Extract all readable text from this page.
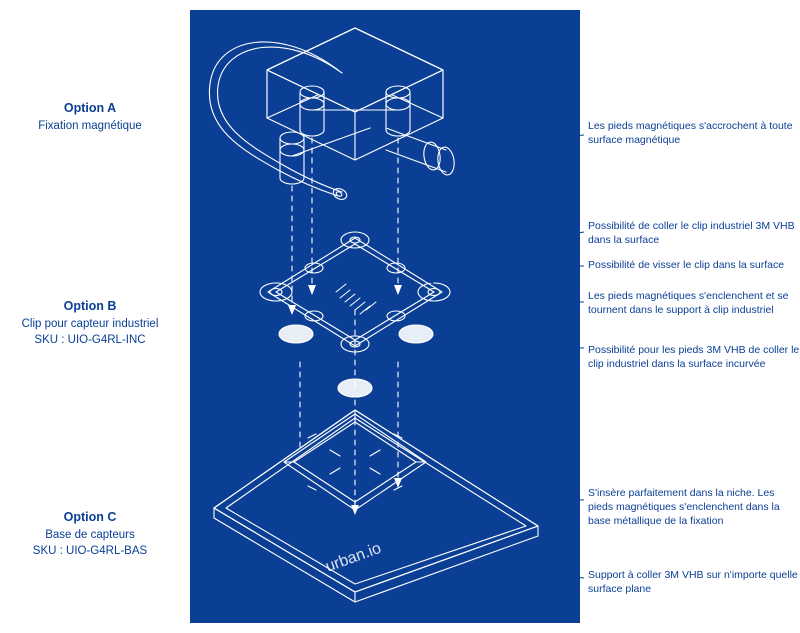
Option A
Fixation magnétique
Option B
Clip pour capteur industriel
SKU : UIO-G4RL-INC
Option C
Base de capteurs
SKU : UIO-G4RL-BAS	urban.io
Les pieds magnétiques s'accrochent à toute surface magnétique
Possibilité de coller le clip industriel 3M VHB dans la surface
Possibilité de visser le clip dans la surface
Les pieds magnétiques s'enclenchent et se tournent dans le support à clip industriel
Possibilité pour les pieds 3M VHB de coller le clip industriel dans la surface incurvée
S'insère parfaitement dans la niche. Les pieds magnétiques s'enclenchent dans la base métallique de la fixation
Support à coller 3M VHB sur n'importe quelle surface plane
